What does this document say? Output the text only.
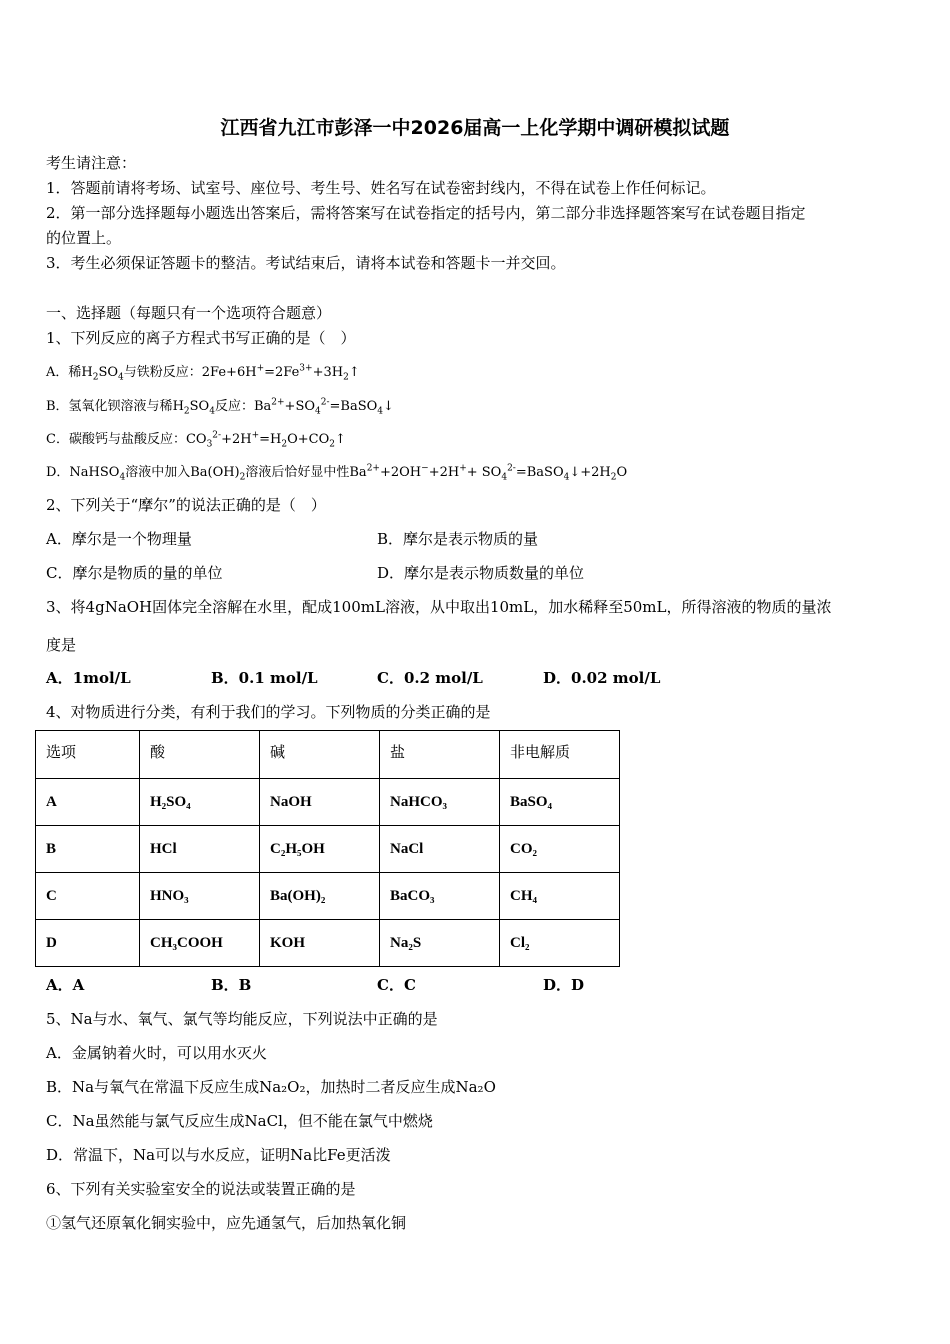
江西省九江市彭泽一中2026届高一上化学期中调研模拟试题
考生请注意：
1．答题前请将考场、试室号、座位号、考生号、姓名写在试卷密封线内，不得在试卷上作任何标记。
2．第一部分选择题每小题选出答案后，需将答案写在试卷指定的括号内，第二部分非选择题答案写在试卷题目指定
的位置上。
3．考生必须保证答题卡的整洁。考试结束后，请将本试卷和答题卡一并交回。
一、选择题（每题只有一个选项符合题意）
1、下列反应的离子方程式书写正确的是（　）
A．稀$H_2SO_4$与铁粉反应：$2Fe+6H^+=2Fe^{3+}+3H_2↑$
B．氢氧化钡溶液与稀$H_2SO_4$反应：$Ba^{2+}+SO_4^{2-}=BaSO_4↓$
C．碳酸钙与盐酸反应：$CO_3^{2-}+2H^+=H_2O+CO_2↑$
D．NaHSO$_4$溶液中加入$Ba(OH)_2$溶液后恰好显中性$Ba^{2+}+2OH^-+2H^++$ $SO_4^{2-}=BaSO_4↓+2H_2O$
2、下列关于“摩尔”的说法正确的是（　）
A．摩尔是一个物理量	B．摩尔是表示物质的量
C．摩尔是物质的量的单位	D．摩尔是表示物质数量的单位
3、将4gNaOH固体完全溶解在水里，配成100mL溶液，从中取出10mL，加水稀释至50mL，所得溶液的物质的量浓
度是
A．1mol/L	B．0.1 mol/L	C．0.2 mol/L	D．0.02 mol/L
4、对物质进行分类，有利于我们的学习。下列物质的分类正确的是
选项	酸	碱	盐	非电解质
A	H₂SO₄	NaOH	NaHCO₃	BaSO₄
B	HCl	C₂H₅OH	NaCl	CO₂
C	HNO₃	Ba(OH)₂	BaCO₃	CH₄
D	CH₃COOH	KOH	Na₂S	Cl₂
A．A	B．B	C．C	D．D
5、Na与水、氧气、氯气等均能反应，下列说法中正确的是
A．金属钠着火时，可以用水灭火
B．Na与氧气在常温下反应生成Na₂O₂，加热时二者反应生成Na₂O
C．Na虽然能与氯气反应生成NaCl，但不能在氯气中燃烧
D．常温下，Na可以与水反应，证明Na比Fe更活泼
6、下列有关实验室安全的说法或装置正确的是
①氢气还原氧化铜实验中，应先通氢气，后加热氧化铜
